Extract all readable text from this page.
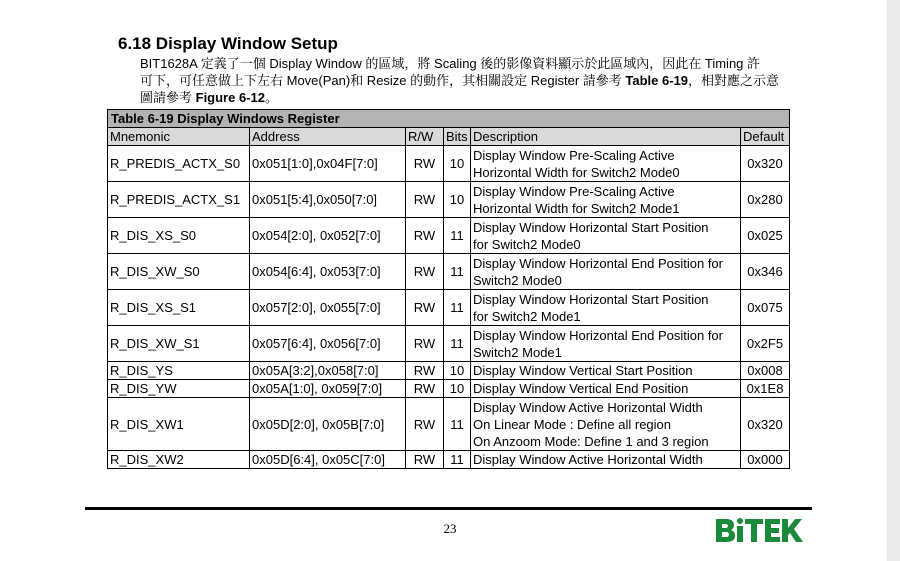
6.18 Display Window Setup

BIT1628A 定義了一個 Display Window 的區域，將 Scaling 後的影像資料顯示於此區域內，因此在 Timing 許
可下，可任意做上下左右 Move(Pan)和 Resize 的動作，其相關設定 Register 請參考 Table 6-19，相對應之示意
圖請參考 Figure 6-12。

Table 6-19 Display Windows Register					
Mnemonic	Address	R/W	Bits	Description	Default
R_PREDIS_ACTX_S0	0x051[1:0],0x04F[7:0]	RW	10	Display Window Pre-Scaling Active
Horizontal Width for Switch2 Mode0	0x320
R_PREDIS_ACTX_S1	0x051[5:4],0x050[7:0]	RW	10	Display Window Pre-Scaling Active
Horizontal Width for Switch2 Mode1	0x280
R_DIS_XS_S0	0x054[2:0], 0x052[7:0]	RW	11	Display Window Horizontal Start Position
for Switch2 Mode0	0x025
R_DIS_XW_S0	0x054[6:4], 0x053[7:0]	RW	11	Display Window Horizontal End Position for
Switch2 Mode0	0x346
R_DIS_XS_S1	0x057[2:0], 0x055[7:0]	RW	11	Display Window Horizontal Start Position
for Switch2 Mode1	0x075
R_DIS_XW_S1	0x057[6:4], 0x056[7:0]	RW	11	Display Window Horizontal End Position for
Switch2 Mode1	0x2F5
R_DIS_YS	0x05A[3:2],0x058[7:0]	RW	10	Display Window Vertical Start Position	0x008
R_DIS_YW	0x05A[1:0], 0x059[7:0]	RW	10	Display Window Vertical End Position	0x1E8
R_DIS_XW1	0x05D[2:0], 0x05B[7:0]	RW	11	Display Window Active Horizontal Width
On Linear Mode : Define all region
On Anzoom Mode: Define 1 and 3 region	0x320
R_DIS_XW2	0x05D[6:4], 0x05C[7:0]	RW	11	Display Window Active Horizontal Width	0x000
23
